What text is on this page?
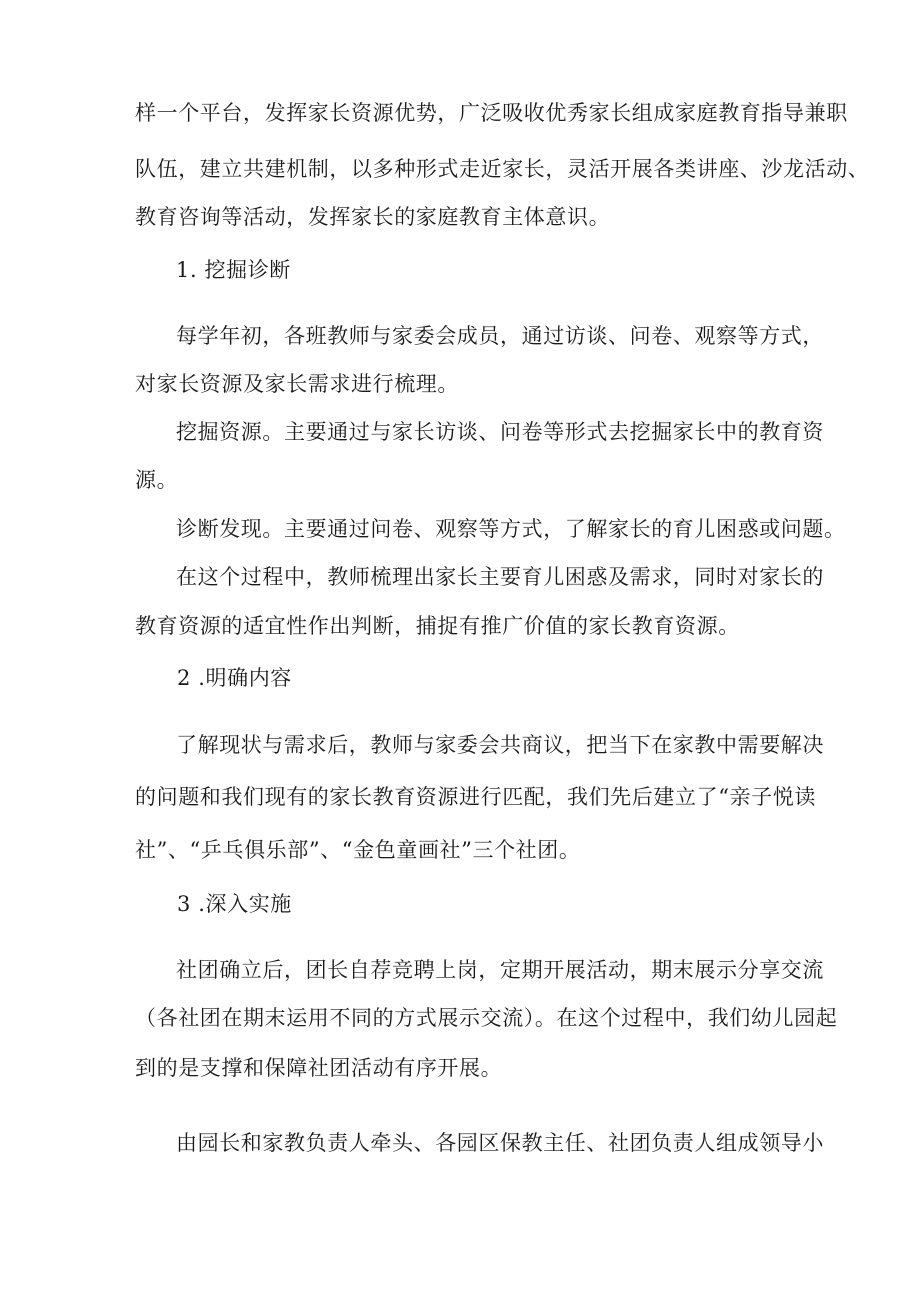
样一个平台，发挥家长资源优势，广泛吸收优秀家长组成家庭教育指导兼职
队伍，建立共建机制，以多种形式走近家长，灵活开展各类讲座、沙龙活动、
教育咨询等活动，发挥家长的家庭教育主体意识。
1. 挖掘诊断
每学年初，各班教师与家委会成员，通过访谈、问卷、观察等方式，
对家长资源及家长需求进行梳理。
挖掘资源。主要通过与家长访谈、问卷等形式去挖掘家长中的教育资
源。
诊断发现。主要通过问卷、观察等方式，了解家长的育儿困惑或问题。
在这个过程中，教师梳理出家长主要育儿困惑及需求，同时对家长的
教育资源的适宜性作出判断，捕捉有推广价值的家长教育资源。
2 .明确内容
了解现状与需求后，教师与家委会共商议，把当下在家教中需要解决
的问题和我们现有的家长教育资源进行匹配，我们先后建立了“亲子悦读
社”、“乒乓俱乐部”、“金色童画社”三个社团。
3 .深入实施
社团确立后，团长自荐竞聘上岗，定期开展活动，期末展示分享交流
（各社团在期末运用不同的方式展示交流）。在这个过程中，我们幼儿园起
到的是支撑和保障社团活动有序开展。
由园长和家教负责人牵头、各园区保教主任、社团负责人组成领导小
